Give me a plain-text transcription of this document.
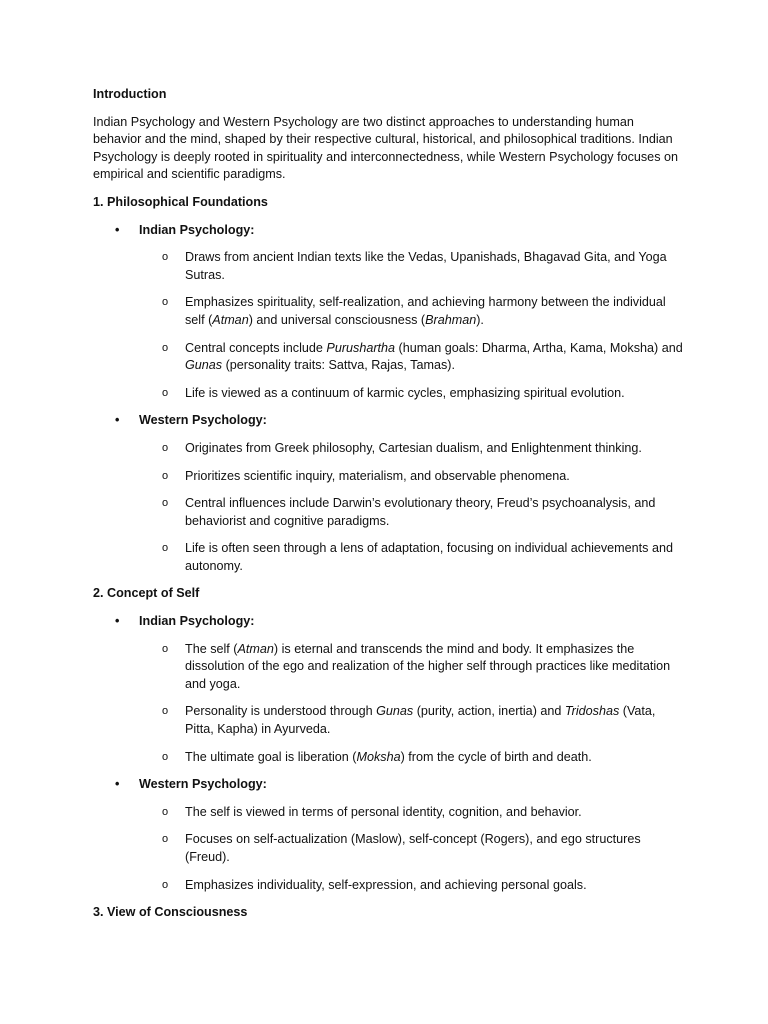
Introduction
Indian Psychology and Western Psychology are two distinct approaches to understanding human behavior and the mind, shaped by their respective cultural, historical, and philosophical traditions. Indian Psychology is deeply rooted in spirituality and interconnectedness, while Western Psychology focuses on empirical and scientific paradigms.
1. Philosophical Foundations
• Indian Psychology:
o Draws from ancient Indian texts like the Vedas, Upanishads, Bhagavad Gita, and Yoga Sutras.
o Emphasizes spirituality, self-realization, and achieving harmony between the individual self (Atman) and universal consciousness (Brahman).
o Central concepts include Purushartha (human goals: Dharma, Artha, Kama, Moksha) and Gunas (personality traits: Sattva, Rajas, Tamas).
o Life is viewed as a continuum of karmic cycles, emphasizing spiritual evolution.
• Western Psychology:
o Originates from Greek philosophy, Cartesian dualism, and Enlightenment thinking.
o Prioritizes scientific inquiry, materialism, and observable phenomena.
o Central influences include Darwin’s evolutionary theory, Freud’s psychoanalysis, and behaviorist and cognitive paradigms.
o Life is often seen through a lens of adaptation, focusing on individual achievements and autonomy.
2. Concept of Self
• Indian Psychology:
o The self (Atman) is eternal and transcends the mind and body. It emphasizes the dissolution of the ego and realization of the higher self through practices like meditation and yoga.
o Personality is understood through Gunas (purity, action, inertia) and Tridoshas (Vata, Pitta, Kapha) in Ayurveda.
o The ultimate goal is liberation (Moksha) from the cycle of birth and death.
• Western Psychology:
o The self is viewed in terms of personal identity, cognition, and behavior.
o Focuses on self-actualization (Maslow), self-concept (Rogers), and ego structures (Freud).
o Emphasizes individuality, self-expression, and achieving personal goals.
3. View of Consciousness
